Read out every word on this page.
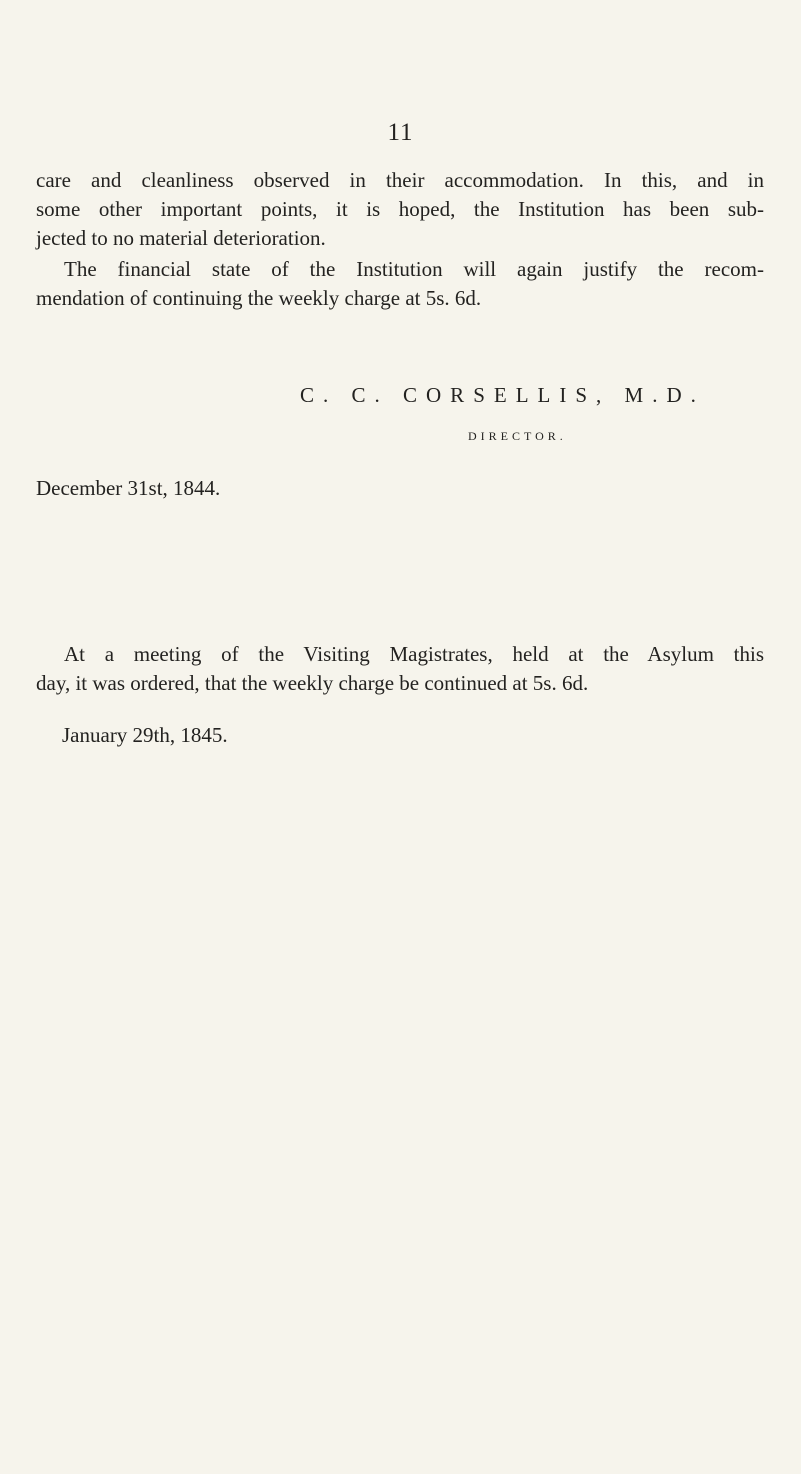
11
care and cleanliness observed in their accommodation. In this, and in
some other important points, it is hoped, the Institution has been sub-
jected to no material deterioration.
The financial state of the Institution will again justify the recom-
mendation of continuing the weekly charge at 5s. 6d.
C. C. CORSELLIS, M.D.
DIRECTOR.
December 31st, 1844.
At a meeting of the Visiting Magistrates, held at the Asylum this
day, it was ordered, that the weekly charge be continued at 5s. 6d.
January 29th, 1845.
